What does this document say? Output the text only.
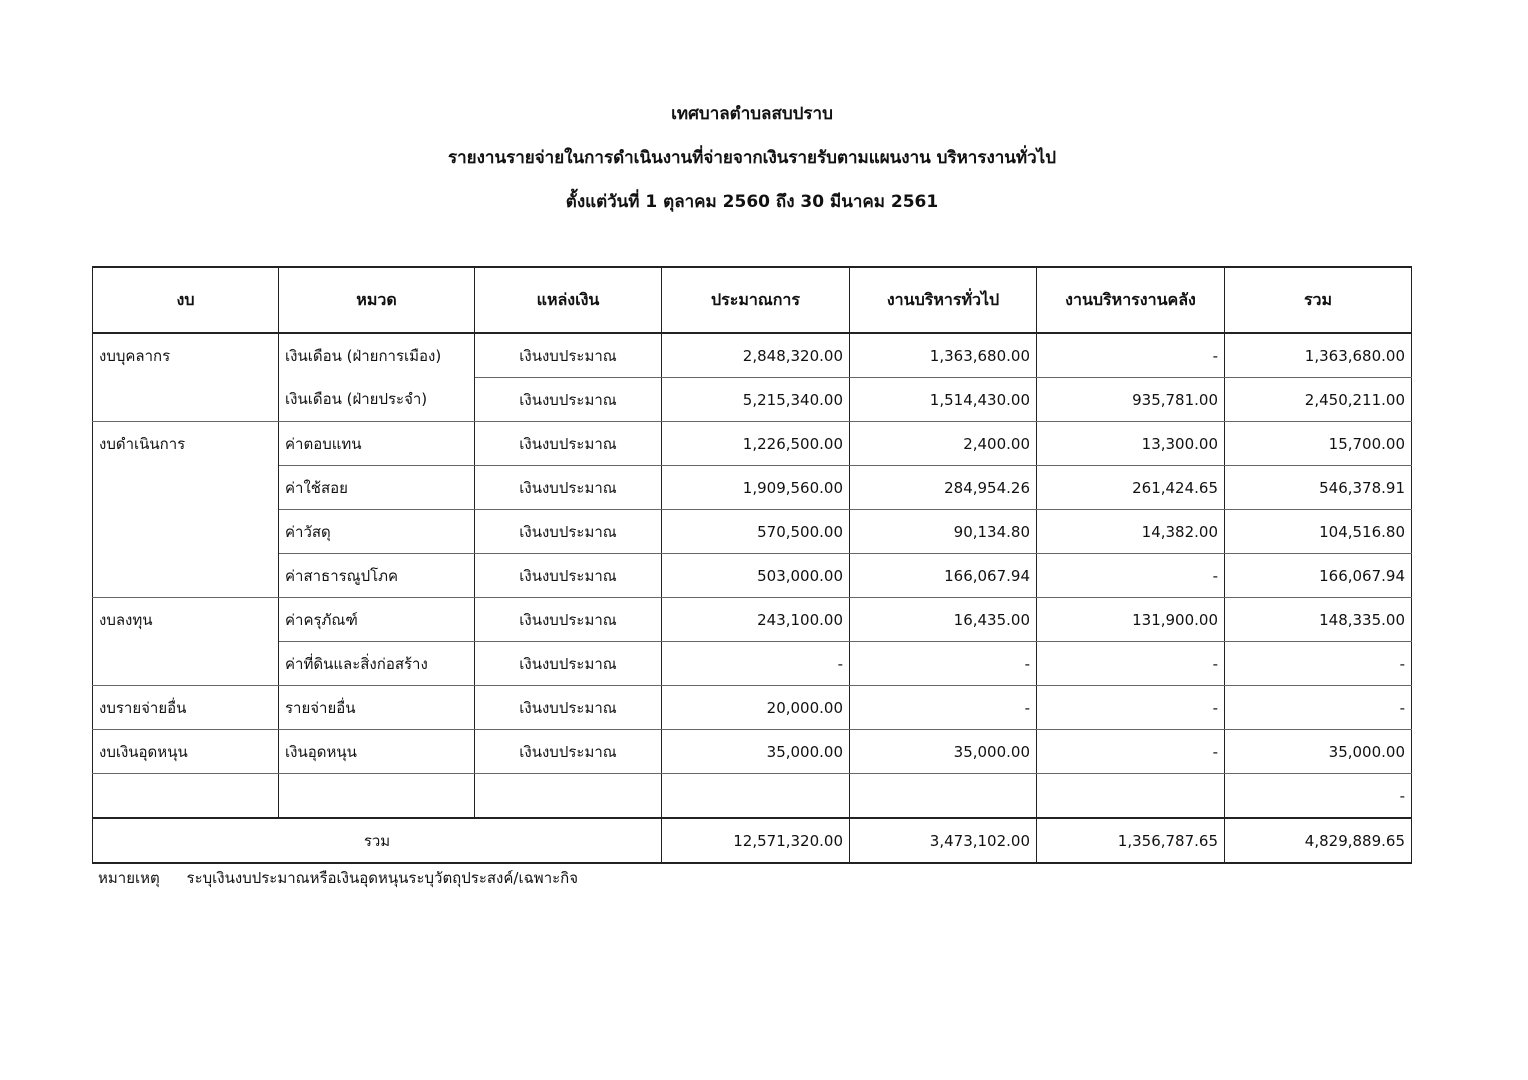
เทศบาลตำบลสบปราบ
รายงานรายจ่ายในการดำเนินงานที่จ่ายจากเงินรายรับตามแผนงาน บริหารงานทั่วไป
ตั้งแต่วันที่ 1 ตุลาคม 2560 ถึง 30 มีนาคม 2561
งบ	หมวด	แหล่งเงิน	ประมาณการ	งานบริหารทั่วไป	งานบริหารงานคลัง	รวม
งบบุคลากร	เงินเดือน (ฝ่ายการเมือง)	เงินงบประมาณ	2,848,320.00	1,363,680.00	-	1,363,680.00
	เงินเดือน (ฝ่ายประจำ)	เงินงบประมาณ	5,215,340.00	1,514,430.00	935,781.00	2,450,211.00
งบดำเนินการ	ค่าตอบแทน	เงินงบประมาณ	1,226,500.00	2,400.00	13,300.00	15,700.00
	ค่าใช้สอย	เงินงบประมาณ	1,909,560.00	284,954.26	261,424.65	546,378.91
	ค่าวัสดุ	เงินงบประมาณ	570,500.00	90,134.80	14,382.00	104,516.80
	ค่าสาธารณูปโภค	เงินงบประมาณ	503,000.00	166,067.94	-	166,067.94
งบลงทุน	ค่าครุภัณฑ์	เงินงบประมาณ	243,100.00	16,435.00	131,900.00	148,335.00
	ค่าที่ดินและสิ่งก่อสร้าง	เงินงบประมาณ	-	-	-	-
งบรายจ่ายอื่น	รายจ่ายอื่น	เงินงบประมาณ	20,000.00	-	-	-
งบเงินอุดหนุน	เงินอุดหนุน	เงินงบประมาณ	35,000.00	35,000.00	-	35,000.00
						-
รวม			12,571,320.00	3,473,102.00	1,356,787.65	4,829,889.65
หมายเหตุ ระบุเงินงบประมาณหรือเงินอุดหนุนระบุวัตถุประสงค์/เฉพาะกิจ
